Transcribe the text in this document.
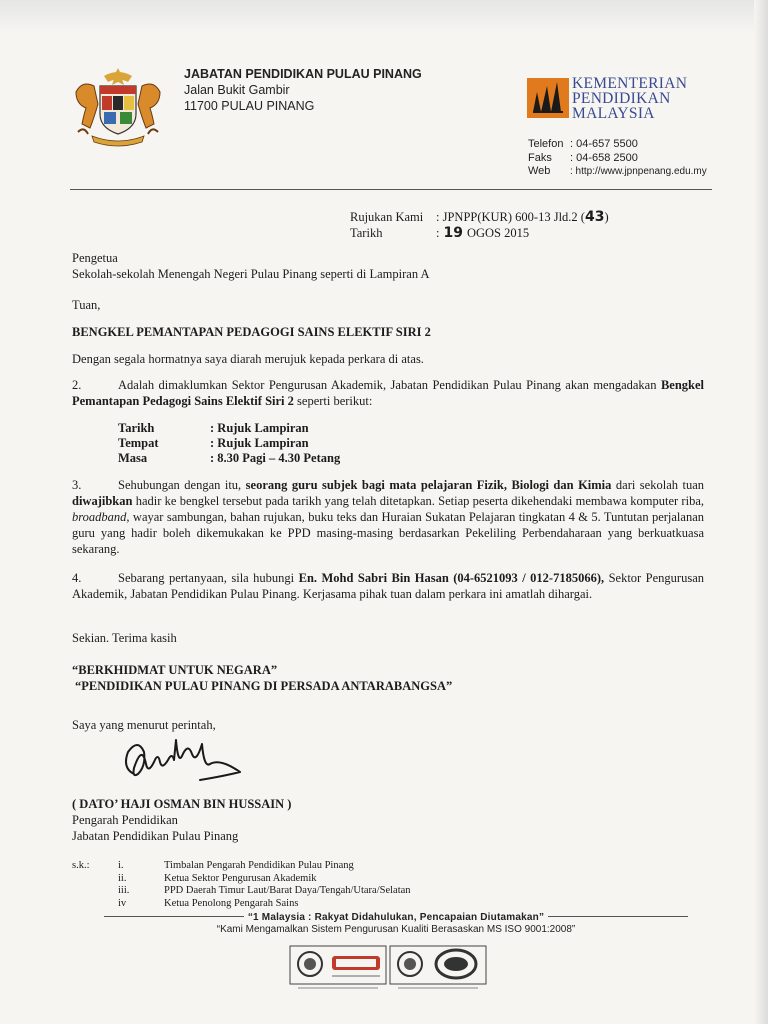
JABATAN PENDIDIKAN PULAU PINANG
Jalan Bukit Gambir
11700 PULAU PINANG
KEMENTERIAN
PENDIDIKAN
MALAYSIA
Telefon : 04-657 5500
Faks	: 04-658 2500
Web	: http://www.jpnpenang.edu.my
Rujukan Kami	: JPNPP(KUR) 600-13 Jld.2 (43)
Tarikh	: 19 OGOS 2015
Pengetua
Sekolah-sekolah Menengah Negeri Pulau Pinang seperti di Lampiran A
Tuan,
BENGKEL PEMANTAPAN PEDAGOGI SAINS ELEKTIF SIRI 2
Dengan segala hormatnya saya diarah merujuk kepada perkara di atas.
2.	Adalah dimaklumkan Sektor Pengurusan Akademik, Jabatan Pendidikan Pulau Pinang akan mengadakan Bengkel Pemantapan Pedagogi Sains Elektif Siri 2 seperti berikut:
Tarikh	: Rujuk Lampiran
Tempat	: Rujuk Lampiran
Masa	: 8.30 Pagi – 4.30 Petang
3.	Sehubungan dengan itu, seorang guru subjek bagi mata pelajaran Fizik, Biologi dan Kimia dari sekolah tuan diwajibkan hadir ke bengkel tersebut pada tarikh yang telah ditetapkan. Setiap peserta dikehendaki membawa komputer riba, broadband, wayar sambungan, bahan rujukan, buku teks dan Huraian Sukatan Pelajaran tingkatan 4 & 5. Tuntutan perjalanan guru yang hadir boleh dikemukakan ke PPD masing-masing berdasarkan Pekeliling Perbendaharaan yang berkuatkuasa sekarang.
4.	Sebarang pertanyaan, sila hubungi En. Mohd Sabri Bin Hasan (04-6521093 / 012-7185066), Sektor Pengurusan Akademik, Jabatan Pendidikan Pulau Pinang. Kerjasama pihak tuan dalam perkara ini amatlah dihargai.
Sekian. Terima kasih
“BERKHIDMAT UNTUK NEGARA”
“PENDIDIKAN PULAU PINANG DI PERSADA ANTARABANGSA”
Saya yang menurut perintah,
( DATO’ HAJI OSMAN BIN HUSSAIN )
Pengarah Pendidikan
Jabatan Pendidikan Pulau Pinang
s.k.:	i.	Timbalan Pengarah Pendidikan Pulau Pinang
ii.	Ketua Sektor Pengurusan Akademik
iii.	PPD Daerah Timur Laut/Barat Daya/Tengah/Utara/Selatan
iv	Ketua Penolong Pengarah Sains
“1 Malaysia : Rakyat Didahulukan, Pencapaian Diutamakan”
“Kami Mengamalkan Sistem Pengurusan Kualiti Berasaskan MS ISO 9001:2008”
